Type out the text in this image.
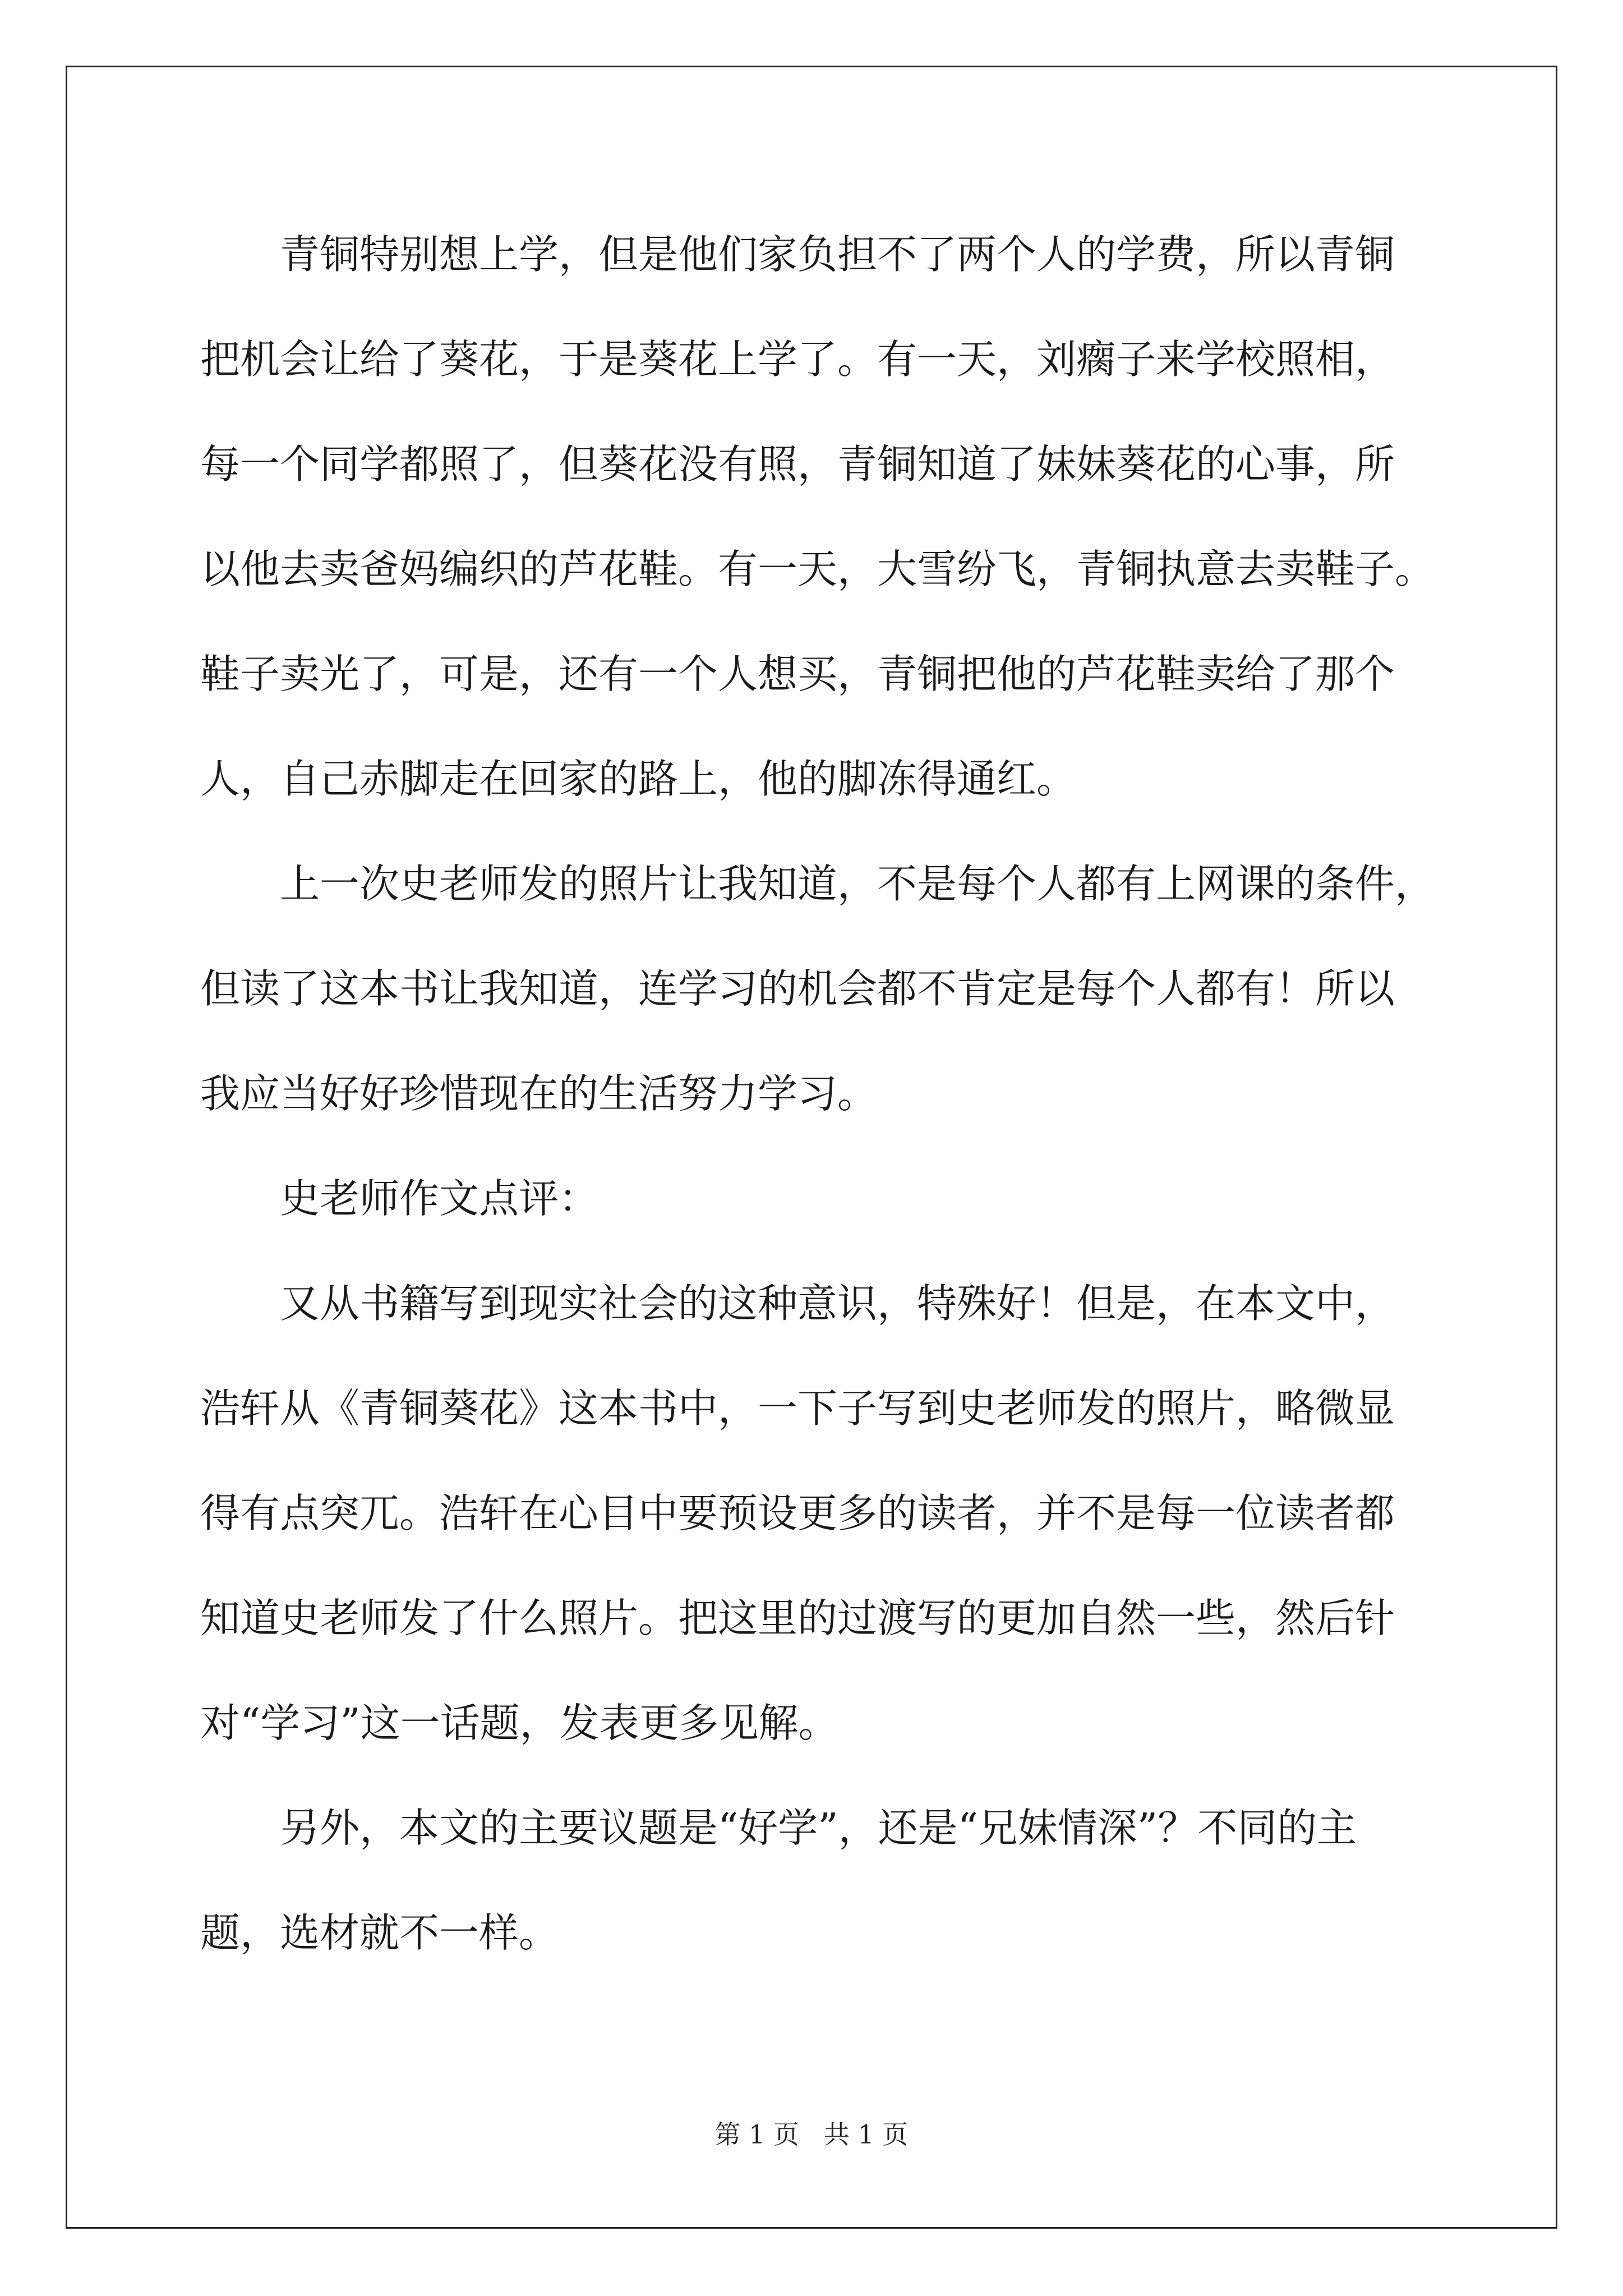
青铜特别想上学，但是他们家负担不了两个人的学费，所以青铜
把机会让给了葵花，于是葵花上学了。有一天，刘瘸子来学校照相，
每一个同学都照了，但葵花没有照，青铜知道了妹妹葵花的心事，所
以他去卖爸妈编织的芦花鞋。有一天，大雪纷飞，青铜执意去卖鞋子。
鞋子卖光了，可是，还有一个人想买，青铜把他的芦花鞋卖给了那个
人，自己赤脚走在回家的路上，他的脚冻得通红。

上一次史老师发的照片让我知道，不是每个人都有上网课的条件，
但读了这本书让我知道，连学习的机会都不肯定是每个人都有！所以
我应当好好珍惜现在的生活努力学习。

史老师作文点评：

又从书籍写到现实社会的这种意识，特殊好！但是，在本文中，
浩轩从《青铜葵花》这本书中，一下子写到史老师发的照片，略微显
得有点突兀。浩轩在心目中要预设更多的读者，并不是每一位读者都
知道史老师发了什么照片。把这里的过渡写的更加自然一些，然后针
对“学习”这一话题，发表更多见解。

另外，本文的主要议题是“好学”，还是“兄妹情深”？不同的主
题，选材就不一样。

第 1 页   共 1 页
